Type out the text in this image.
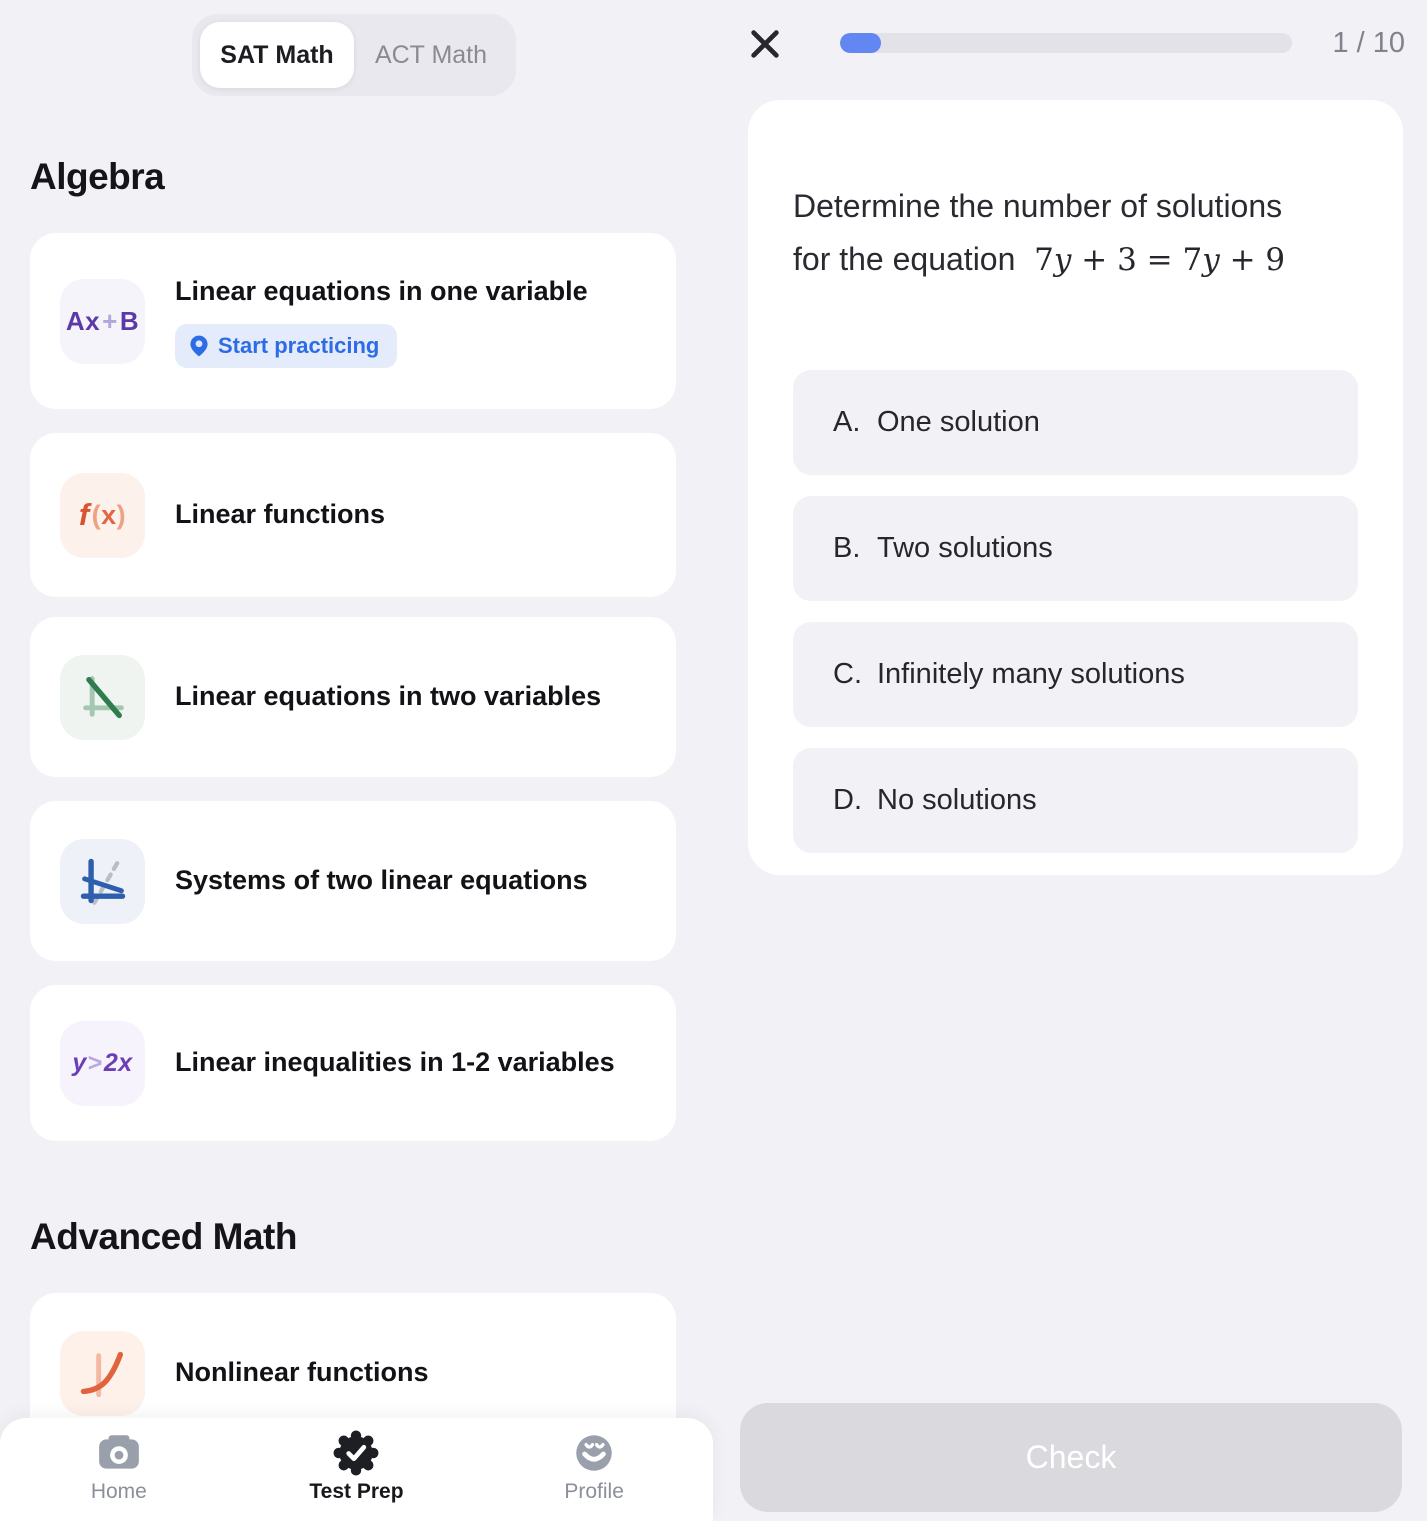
SAT Math	ACT Math
Algebra
Ax + B
Linear equations in one variable
Start practicing
f ( x ) Linear functions
Linear equations in two variables
Systems of two linear equations
y > 2x Linear inequalities in 1-2 variables
Advanced Math
Nonlinear functions
Home	Test Prep	Profile
1 / 10
Determine the number of solutions
for the equation 7y + 3 = 7y + 9
A. One solution
B. Two solutions
C. Infinitely many solutions
D. No solutions
Check
